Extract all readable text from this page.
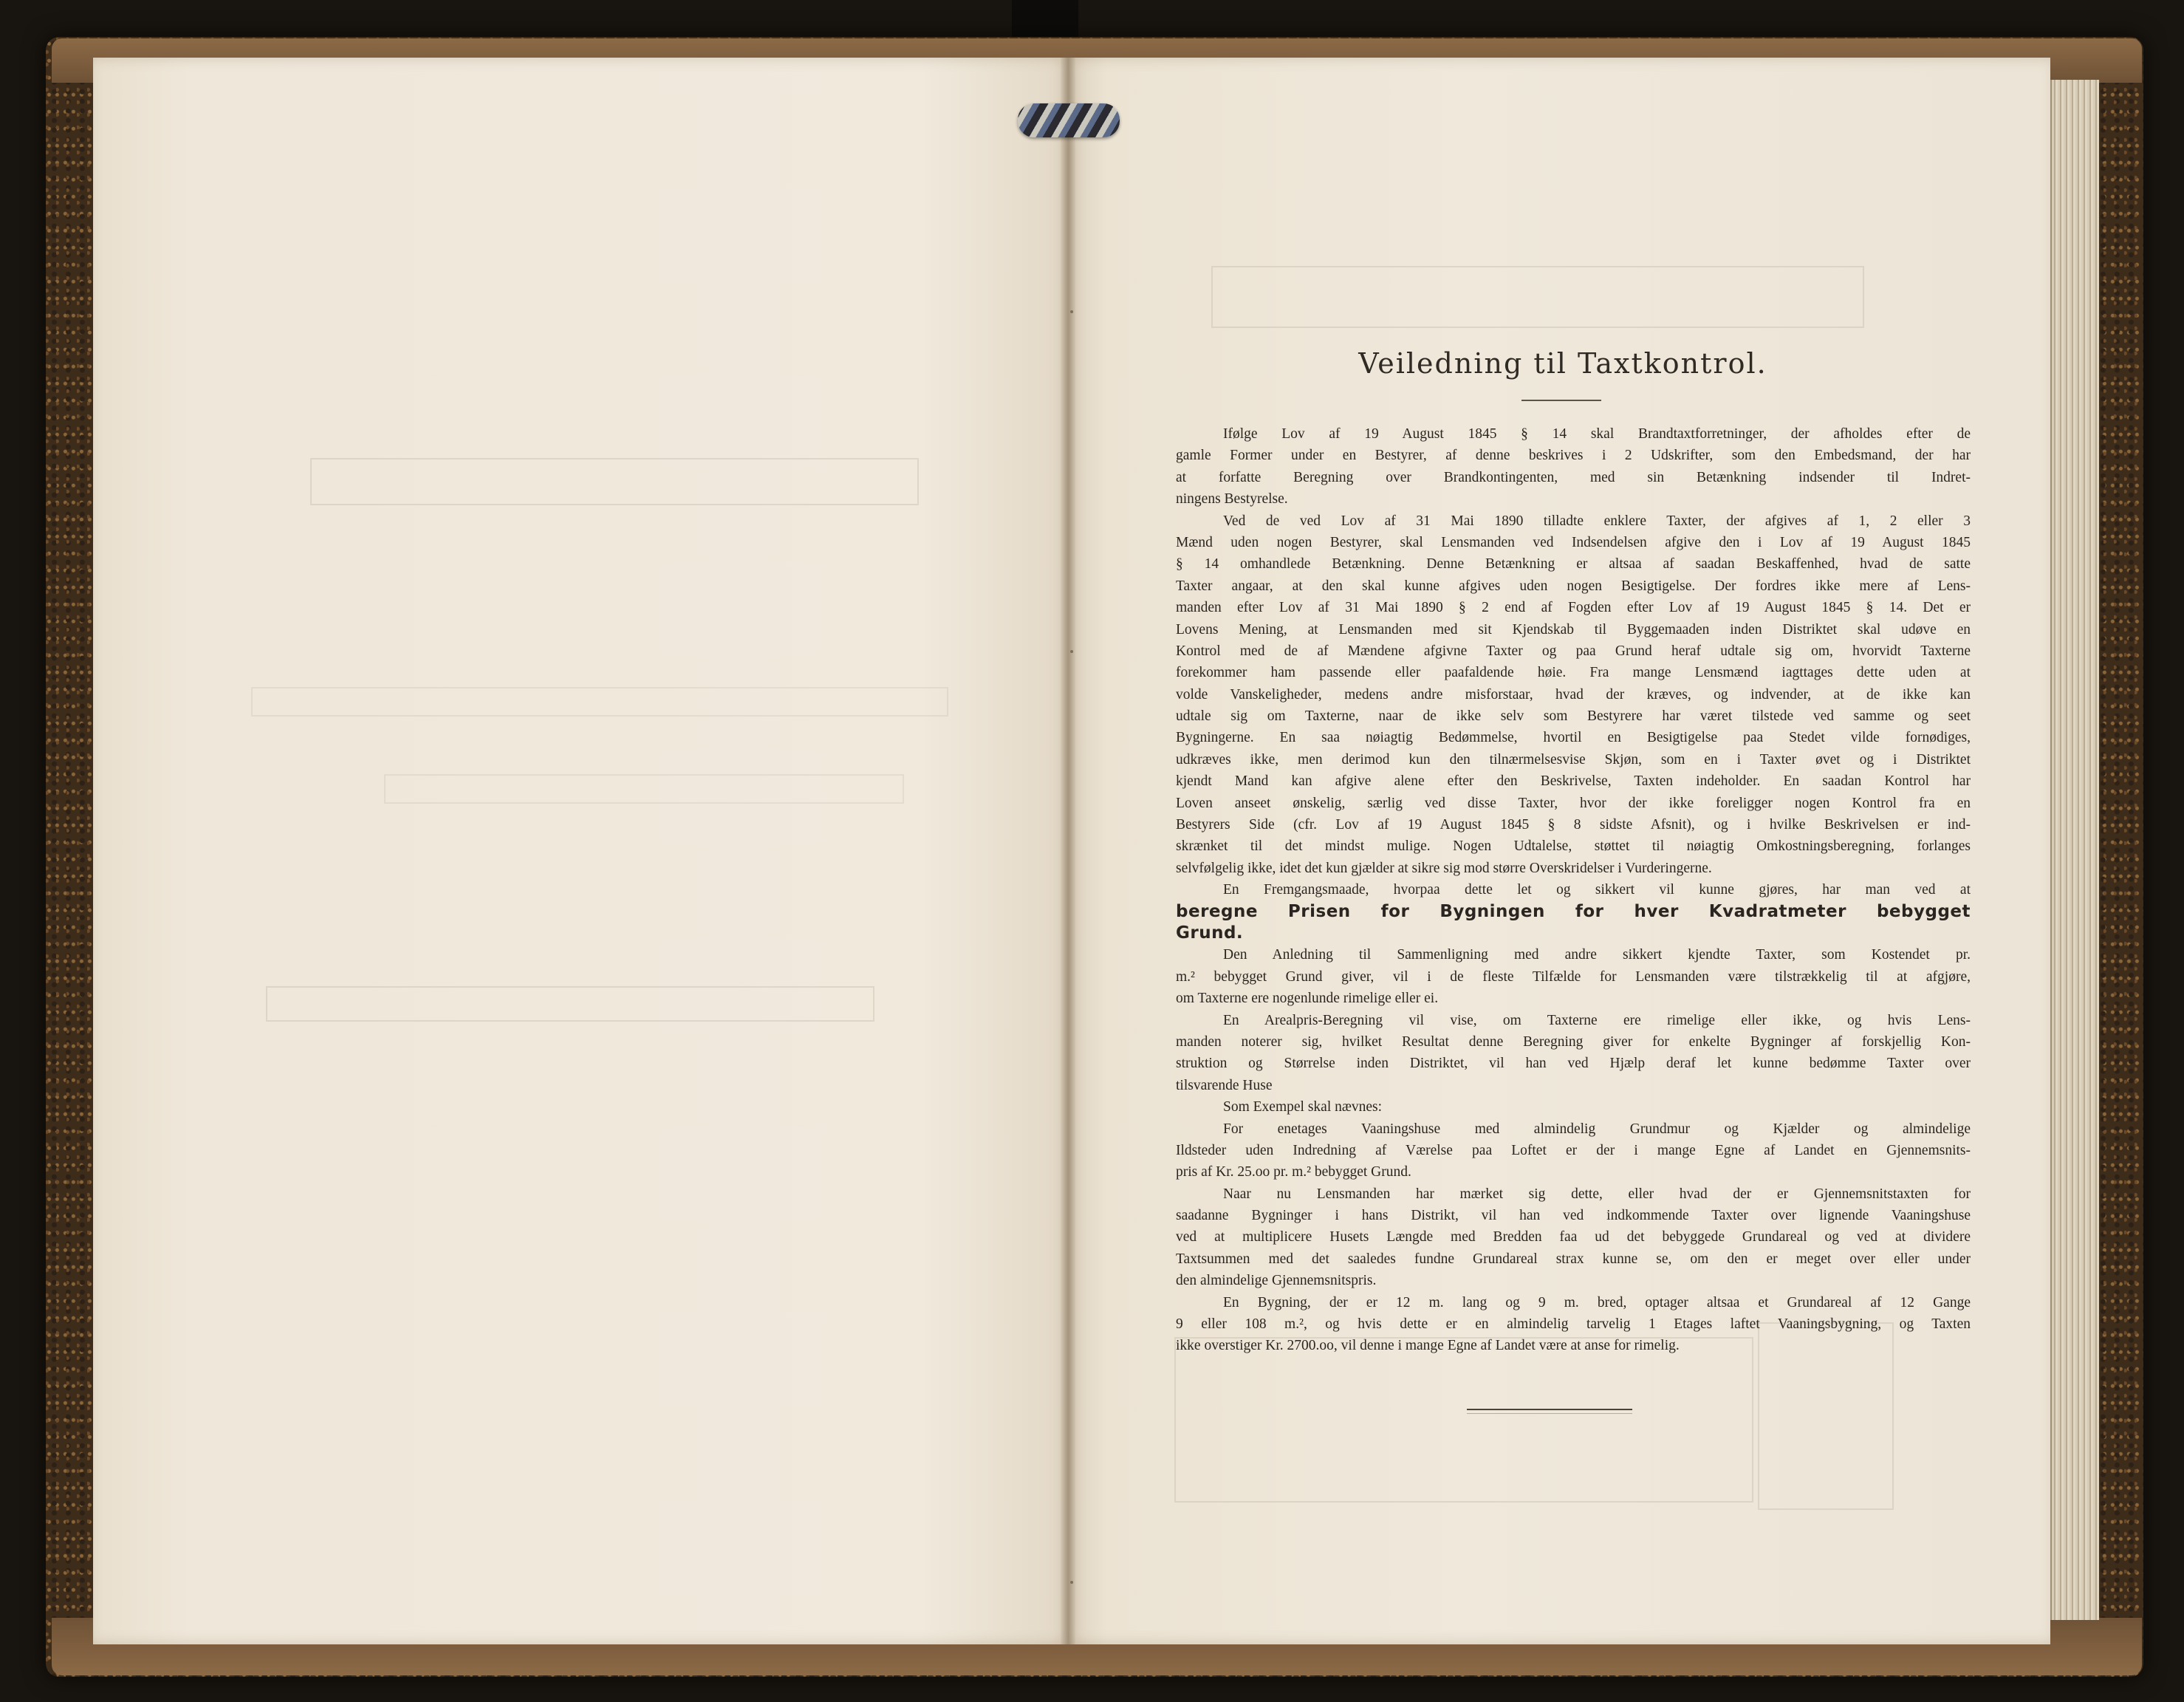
Veiledning til Taxtkontrol.
Ifølge Lov af 19 August 1845 § 14 skal Brandtaxtforretninger, der afholdes efter de
gamle Former under en Bestyrer, af denne beskrives i 2 Udskrifter, som den Embedsmand, der har
at forfatte Beregning over Brandkontingenten, med sin Betænkning indsender til Indret-
ningens Bestyrelse.
Ved de ved Lov af 31 Mai 1890 tilladte enklere Taxter, der afgives af 1, 2 eller 3
Mænd uden nogen Bestyrer, skal Lensmanden ved Indsendelsen afgive den i Lov af 19 August 1845
§ 14 omhandlede Betænkning. Denne Betænkning er altsaa af saadan Beskaffenhed, hvad de satte
Taxter angaar, at den skal kunne afgives uden nogen Besigtigelse. Der fordres ikke mere af Lens-
manden efter Lov af 31 Mai 1890 § 2 end af Fogden efter Lov af 19 August 1845 § 14. Det er
Lovens Mening, at Lensmanden med sit Kjendskab til Byggemaaden inden Distriktet skal udøve en
Kontrol med de af Mændene afgivne Taxter og paa Grund heraf udtale sig om, hvorvidt Taxterne
forekommer ham passende eller paafaldende høie. Fra mange Lensmænd iagttages dette uden at
volde Vanskeligheder, medens andre misforstaar, hvad der kræves, og indvender, at de ikke kan
udtale sig om Taxterne, naar de ikke selv som Bestyrere har været tilstede ved samme og seet
Bygningerne. En saa nøiagtig Bedømmelse, hvortil en Besigtigelse paa Stedet vilde fornødiges,
udkræves ikke, men derimod kun den tilnærmelsesvise Skjøn, som en i Taxter øvet og i Distriktet
kjendt Mand kan afgive alene efter den Beskrivelse, Taxten indeholder. En saadan Kontrol har
Loven anseet ønskelig, særlig ved disse Taxter, hvor der ikke foreligger nogen Kontrol fra en
Bestyrers Side (cfr. Lov af 19 August 1845 § 8 sidste Afsnit), og i hvilke Beskrivelsen er ind-
skrænket til det mindst mulige. Nogen Udtalelse, støttet til nøiagtig Omkostningsberegning, forlanges
selvfølgelig ikke, idet det kun gjælder at sikre sig mod større Overskridelser i Vurderingerne.
En Fremgangsmaade, hvorpaa dette let og sikkert vil kunne gjøres, har man ved at
beregne Prisen for Bygningen for hver Kvadratmeter bebygget
Grund.
Den Anledning til Sammenligning med andre sikkert kjendte Taxter, som Kostendet pr.
m.² bebygget Grund giver, vil i de fleste Tilfælde for Lensmanden være tilstrækkelig til at afgjøre,
om Taxterne ere nogenlunde rimelige eller ei.
En Arealpris-Beregning vil vise, om Taxterne ere rimelige eller ikke, og hvis Lens-
manden noterer sig, hvilket Resultat denne Beregning giver for enkelte Bygninger af forskjellig Kon-
struktion og Størrelse inden Distriktet, vil han ved Hjælp deraf let kunne bedømme Taxter over
tilsvarende Huse
Som Exempel skal nævnes:
For enetages Vaaningshuse med almindelig Grundmur og Kjælder og almindelige
Ildsteder uden Indredning af Værelse paa Loftet er der i mange Egne af Landet en Gjennemsnits-
pris af Kr. 25.oo pr. m.² bebygget Grund.
Naar nu Lensmanden har mærket sig dette, eller hvad der er Gjennemsnitstaxten for
saadanne Bygninger i hans Distrikt, vil han ved indkommende Taxter over lignende Vaaningshuse
ved at multiplicere Husets Længde med Bredden faa ud det bebyggede Grundareal og ved at dividere
Taxtsummen med det saaledes fundne Grundareal strax kunne se, om den er meget over eller under
den almindelige Gjennemsnitspris.
En Bygning, der er 12 m. lang og 9 m. bred, optager altsaa et Grundareal af 12 Gange
9 eller 108 m.², og hvis dette er en almindelig tarvelig 1 Etages laftet Vaaningsbygning, og Taxten
ikke overstiger Kr. 2700.oo, vil denne i mange Egne af Landet være at anse for rimelig.
